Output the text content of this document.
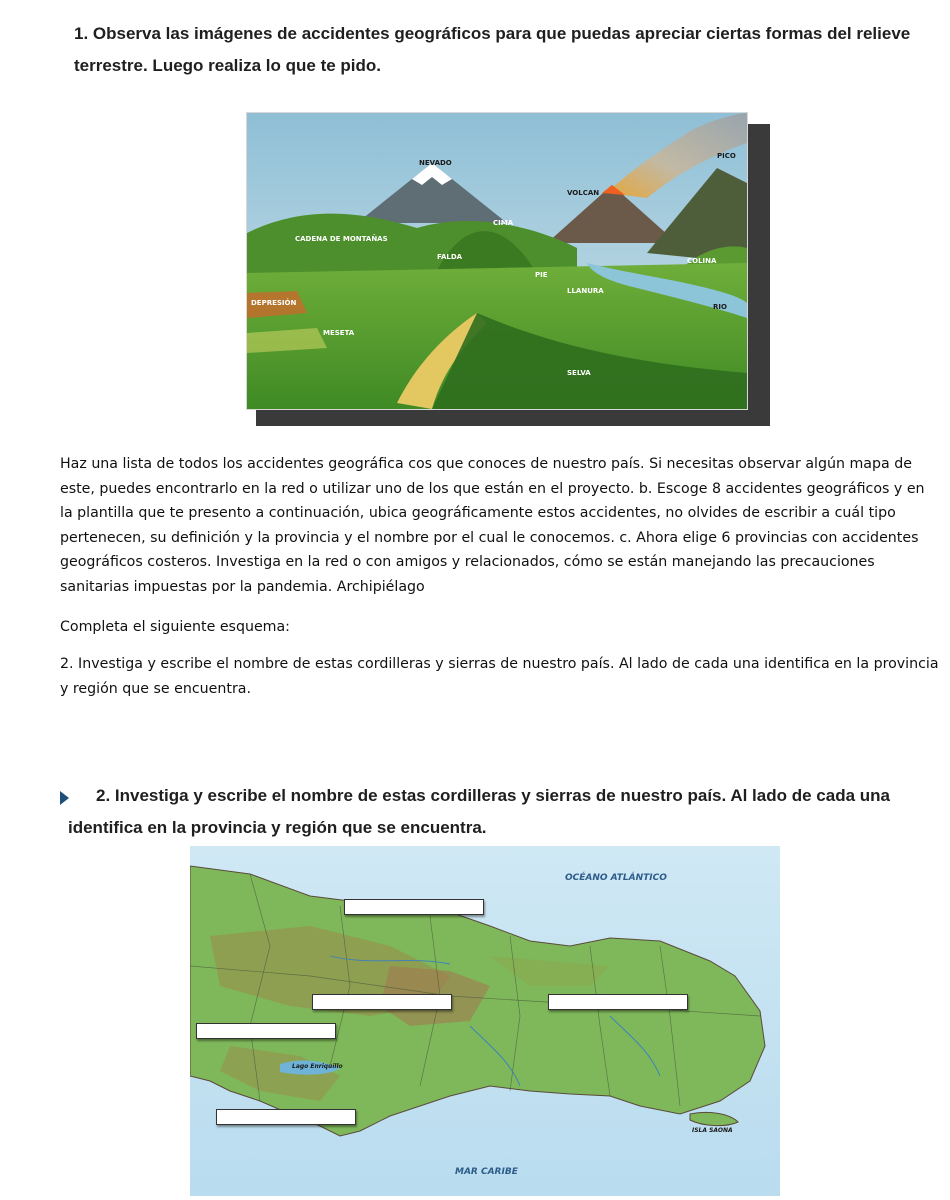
1. Observa las imágenes de accidentes geográficos para que puedas apreciar ciertas formas del relieve terrestre. Luego realiza lo que te pido.
NEVADO
PICO
VOLCAN
CIMA
CADENA DE MONTAÑAS
FALDA	COLINA
PIE
LLANURA
RIO
DEPRESIÓN
MESETA
SELVA
Haz una lista de todos los accidentes geográfica cos que conoces de nuestro país. Si necesitas observar algún mapa de este, puedes encontrarlo en la red o utilizar uno de los que están en el proyecto. b. Escoge 8 accidentes geográficos y en la plantilla que te presento a continuación, ubica geográficamente estos accidentes, no olvides de escribir a cuál tipo pertenecen, su definición y la provincia y el nombre por el cual le conocemos. c. Ahora elige 6 provincias con accidentes geográficos costeros. Investiga en la red o con amigos y relacionados, cómo se están manejando las precauciones sanitarias impuestas por la pandemia. Archipiélago
Completa el siguiente esquema:
2. Investiga y escribe el nombre de estas cordilleras y sierras de nuestro país. Al lado de cada una identifica en la provincia y región que se encuentra.
2. Investiga y escribe el nombre de estas cordilleras y sierras de nuestro país. Al lado de cada una identifica en la provincia y región que se encuentra.
OCÉANO ATLÁNTICO
MAR CARIBE
Lago Enriquillo
ISLA SAONA
